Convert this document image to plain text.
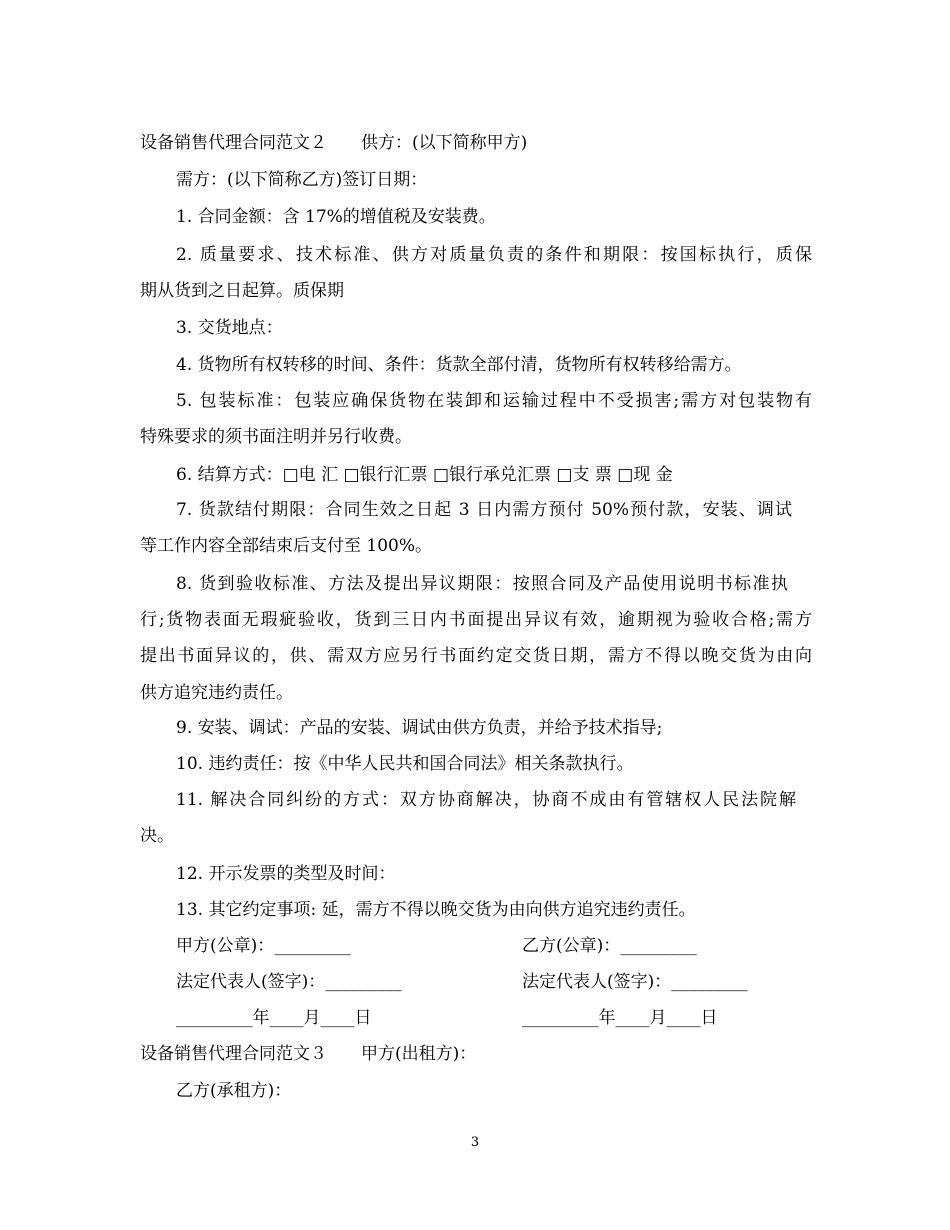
设备销售代理合同范文２ 供方：(以下简称甲方)
需方：(以下简称乙方)签订日期：
1. 合同金额：含 17%的增值税及安装费。
2. 质量要求、技术标准、供方对质量负责的条件和期限：按国标执行，质保
期从货到之日起算。质保期
3. 交货地点：
4. 货物所有权转移的时间、条件：货款全部付清，货物所有权转移给需方。
5. 包装标准：包装应确保货物在装卸和运输过程中不受损害;需方对包装物有
特殊要求的须书面注明并另行收费。
6. 结算方式：□电 汇 □银行汇票 □银行承兑汇票 □支 票 □现 金
7. 货款结付期限：合同生效之日起 3 日内需方预付 50%预付款，安装、调试
等工作内容全部结束后支付至 100%。
8. 货到验收标准、方法及提出异议期限：按照合同及产品使用说明书标准执
行;货物表面无瑕疵验收，货到三日内书面提出异议有效，逾期视为验收合格;需方
提出书面异议的，供、需双方应另行书面约定交货日期，需方不得以晚交货为由向
供方追究违约责任。
9. 安装、调试：产品的安装、调试由供方负责，并给予技术指导;
10. 违约责任：按《中华人民共和国合同法》相关条款执行。
11. 解决合同纠纷的方式：双方协商解决，协商不成由有管辖权人民法院解
决。
12. 开示发票的类型及时间：
13. 其它约定事项: 延，需方不得以晚交货为由向供方追究违约责任。
甲方(公章)：_________	乙方(公章)：_________
法定代表人(签字)：_________	法定代表人(签字)：_________
_________年____月____日	_________年____月____日
设备销售代理合同范文３ 甲方(出租方)：
乙方(承租方)：
3
